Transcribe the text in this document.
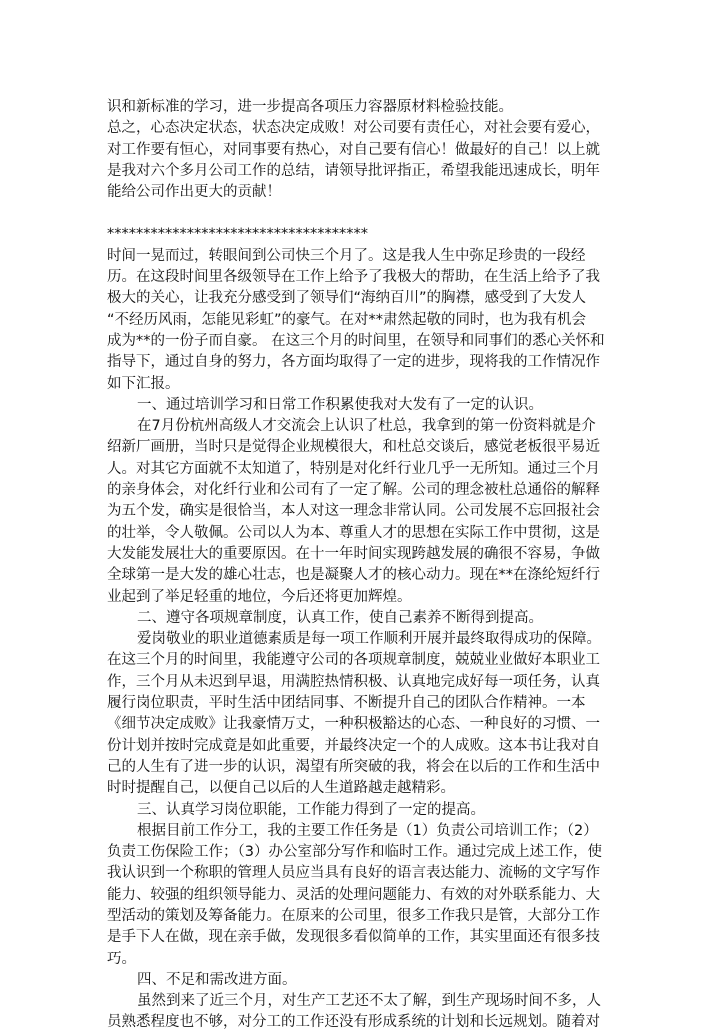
识和新标准的学习，进一步提高各项压力容器原材料检验技能。
总之，心态决定状态，状态决定成败！对公司要有责任心，对社会要有爱心，
对工作要有恒心，对同事要有热心，对自己要有信心！做最好的自己！以上就
是我对六个多月公司工作的总结，请领导批评指正，希望我能迅速成长，明年
能给公司作出更大的贡献！
************************************
时间一晃而过，转眼间到公司快三个月了。这是我人生中弥足珍贵的一段经
历。在这段时间里各级领导在工作上给予了我极大的帮助，在生活上给予了我
极大的关心，让我充分感受到了领导们“海纳百川”的胸襟，感受到了大发人
“不经历风雨，怎能见彩虹”的豪气。在对**肃然起敬的同时，也为我有机会
成为**的一份子而自豪。 在这三个月的时间里，在领导和同事们的悉心关怀和
指导下，通过自身的努力，各方面均取得了一定的进步，现将我的工作情况作
如下汇报。
一、通过培训学习和日常工作积累使我对大发有了一定的认识。
在7月份杭州高级人才交流会上认识了杜总，我拿到的第一份资料就是介
绍新厂画册，当时只是觉得企业规模很大，和杜总交谈后，感觉老板很平易近
人。对其它方面就不太知道了，特别是对化纤行业几乎一无所知。通过三个月
的亲身体会，对化纤行业和公司有了一定了解。公司的理念被杜总通俗的解释
为五个发，确实是很恰当，本人对这一理念非常认同。公司发展不忘回报社会
的壮举，令人敬佩。公司以人为本、尊重人才的思想在实际工作中贯彻，这是
大发能发展壮大的重要原因。在十一年时间实现跨越发展的确很不容易，争做
全球第一是大发的雄心壮志，也是凝聚人才的核心动力。现在**在涤纶短纤行
业起到了举足轻重的地位，今后还将更加辉煌。
二、遵守各项规章制度，认真工作，使自己素养不断得到提高。
爱岗敬业的职业道德素质是每一项工作顺利开展并最终取得成功的保障。
在这三个月的时间里，我能遵守公司的各项规章制度，兢兢业业做好本职业工
作，三个月从未迟到早退，用满腔热情积极、认真地完成好每一项任务，认真
履行岗位职责，平时生活中团结同事、不断提升自己的团队合作精神。一本
《细节决定成败》让我豪情万丈，一种积极豁达的心态、一种良好的习惯、一
份计划并按时完成竟是如此重要，并最终决定一个的人成败。这本书让我对自
己的人生有了进一步的认识，渴望有所突破的我，将会在以后的工作和生活中
时时提醒自己，以便自己以后的人生道路越走越精彩。
三、认真学习岗位职能，工作能力得到了一定的提高。
根据目前工作分工，我的主要工作任务是（1）负责公司培训工作；（2）
负责工伤保险工作；（3）办公室部分写作和临时工作。通过完成上述工作，使
我认识到一个称职的管理人员应当具有良好的语言表达能力、流畅的文字写作
能力、较强的组织领导能力、灵活的处理问题能力、有效的对外联系能力、大
型活动的策划及筹备能力。在原来的公司里，很多工作我只是管，大部分工作
是手下人在做，现在亲手做，发现很多看似简单的工作，其实里面还有很多技
巧。
四、不足和需改进方面。
虽然到来了近三个月，对生产工艺还不太了解，到生产现场时间不多，人
员熟悉程度也不够，对分工的工作还没有形成系统的计划和长远规划。随着对
